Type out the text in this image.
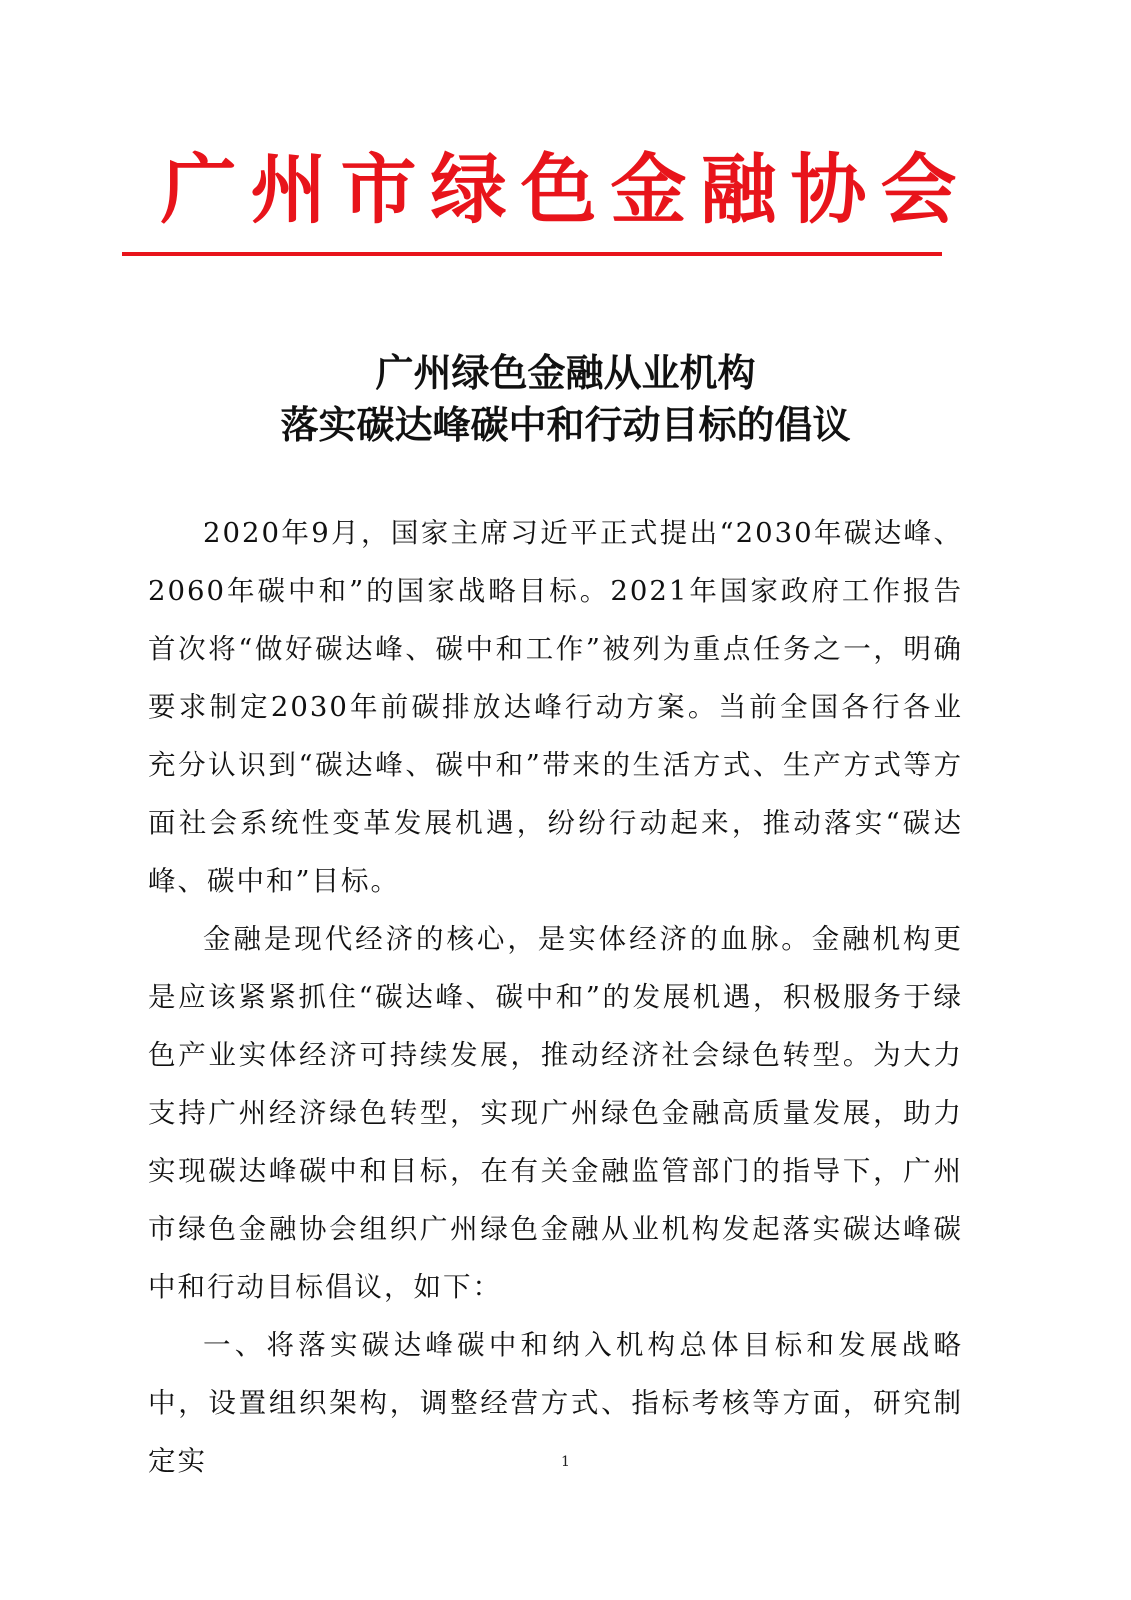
广州市绿色金融协会
广州绿色金融从业机构
落实碳达峰碳中和行动目标的倡议

2020年9月，国家主席习近平正式提出“2030年碳达峰、2060年碳中和”的国家战略目标。2021年国家政府工作报告首次将“做好碳达峰、碳中和工作”被列为重点任务之一，明确要求制定2030年前碳排放达峰行动方案。当前全国各行各业充分认识到“碳达峰、碳中和”带来的生活方式、生产方式等方面社会系统性变革发展机遇，纷纷行动起来，推动落实“碳达峰、碳中和”目标。

金融是现代经济的核心，是实体经济的血脉。金融机构更是应该紧紧抓住“碳达峰、碳中和”的发展机遇，积极服务于绿色产业实体经济可持续发展，推动经济社会绿色转型。为大力支持广州经济绿色转型，实现广州绿色金融高质量发展，助力实现碳达峰碳中和目标，在有关金融监管部门的指导下，广州市绿色金融协会组织广州绿色金融从业机构发起落实碳达峰碳中和行动目标倡议，如下：

一、将落实碳达峰碳中和纳入机构总体目标和发展战略中，设置组织架构，调整经营方式、指标考核等方面，研究制定实	1
